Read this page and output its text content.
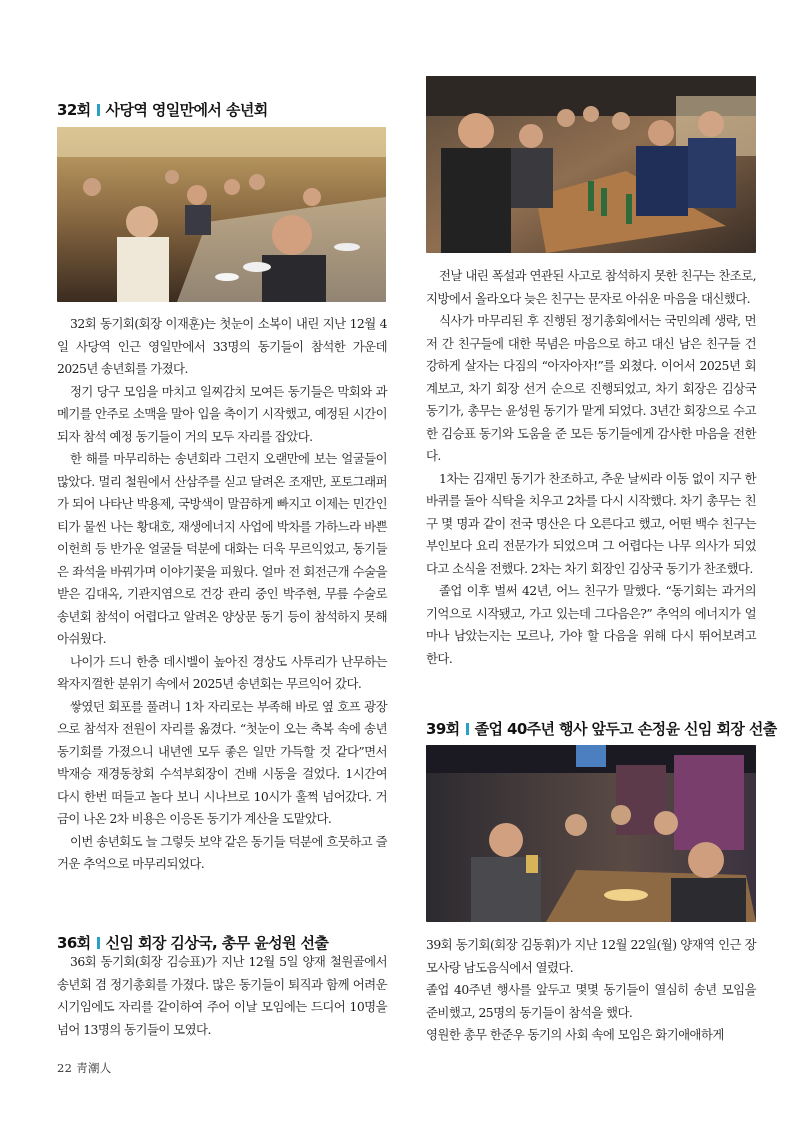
32회 사당역 영일만에서 송년회

32회 동기회(회장 이재훈)는 첫눈이 소복이 내린 지난 12월 4일 사당역 인근 영일만에서 33명의 동기들이 참석한 가운데 2025년 송년회를 가졌다.

정기 당구 모임을 마치고 일찌감치 모여든 동기들은 막회와 과메기를 안주로 소맥을 말아 입을 축이기 시작했고, 예정된 시간이 되자 참석 예정 동기들이 거의 모두 자리를 잡았다.

한 해를 마무리하는 송년회라 그런지 오랜만에 보는 얼굴들이 많았다. 멀리 철원에서 산삼주를 싣고 달려온 조재만, 포토그래퍼가 되어 나타난 박용제, 국방색이 말끔하게 빠지고 이제는 민간인 티가 물씬 나는 황대호, 재생에너지 사업에 박차를 가하느라 바쁜 이헌희 등 반가운 얼굴들 덕분에 대화는 더욱 무르익었고, 동기들은 좌석을 바꿔가며 이야기꽃을 피웠다. 얼마 전 회전근개 수술을 받은 김대옥, 기관지염으로 건강 관리 중인 박주현, 무릎 수술로 송년회 참석이 어렵다고 알려온 양상문 동기 등이 참석하지 못해 아쉬웠다.

나이가 드니 한층 데시벨이 높아진 경상도 사투리가 난무하는 왁자지껄한 분위기 속에서 2025년 송년회는 무르익어 갔다.

쌓였던 회포를 풀려니 1차 자리로는 부족해 바로 옆 호프 광장으로 참석자 전원이 자리를 옮겼다. “첫눈이 오는 축복 속에 송년 동기회를 가졌으니 내년엔 모두 좋은 일만 가득할 것 같다”면서 박재승 재경동창회 수석부회장이 건배 시동을 걸었다. 1시간여 다시 한번 떠들고 놀다 보니 시나브로 10시가 훌쩍 넘어갔다. 거금이 나온 2차 비용은 이응돈 동기가 계산을 도맡았다.

이번 송년회도 늘 그렇듯 보약 같은 동기들 덕분에 흐뭇하고 즐거운 추억으로 마무리되었다.

36회 신임 회장 김상국, 총무 윤성원 선출

36회 동기회(회장 김승표)가 지난 12월 5일 양재 철원골에서 송년회 겸 정기총회를 가졌다. 많은 동기들이 퇴직과 함께 어려운 시기임에도 자리를 같이하여 주어 이날 모임에는 드디어 10명을 넘어 13명의 동기들이 모였다.

전날 내린 폭설과 연관된 사고로 참석하지 못한 친구는 찬조로, 지방에서 올라오다 늦은 친구는 문자로 아쉬운 마음을 대신했다.

식사가 마무리된 후 진행된 정기총회에서는 국민의례 생략, 먼저 간 친구들에 대한 묵념은 마음으로 하고 대신 남은 친구들 건강하게 살자는 다짐의 “아자아자!”를 외쳤다. 이어서 2025년 회계보고, 차기 회장 선거 순으로 진행되었고, 차기 회장은 김상국 동기가, 총무는 윤성원 동기가 맡게 되었다. 3년간 회장으로 수고한 김승표 동기와 도움을 준 모든 동기들에게 감사한 마음을 전한다.

1차는 김재민 동기가 찬조하고, 추운 날씨라 이동 없이 지구 한바퀴를 돌아 식탁을 치우고 2차를 다시 시작했다. 차기 총무는 친구 몇 명과 같이 전국 명산은 다 오른다고 했고, 어떤 백수 친구는 부인보다 요리 전문가가 되었으며 그 어렵다는 나무 의사가 되었다고 소식을 전했다. 2차는 차기 회장인 김상국 동기가 찬조했다.

졸업 이후 벌써 42년, 어느 친구가 말했다. “동기회는 과거의 기억으로 시작됐고, 가고 있는데 그다음은?” 추억의 에너지가 얼마나 남았는지는 모르나, 가야 할 다음을 위해 다시 뛰어보려고 한다.

39회 졸업 40주년 행사 앞두고 손정윤 신임 회장 선출

39회 동기회(회장 김동휘)가 지난 12월 22일(월) 양재역 인근 장모사랑 남도음식에서 열렸다.

졸업 40주년 행사를 앞두고 몇몇 동기들이 열심히 송년 모임을 준비했고, 25명의 동기들이 참석을 했다.

영원한 총무 한준우 동기의 사회 속에 모임은 화기애애하게

22 靑潮人
